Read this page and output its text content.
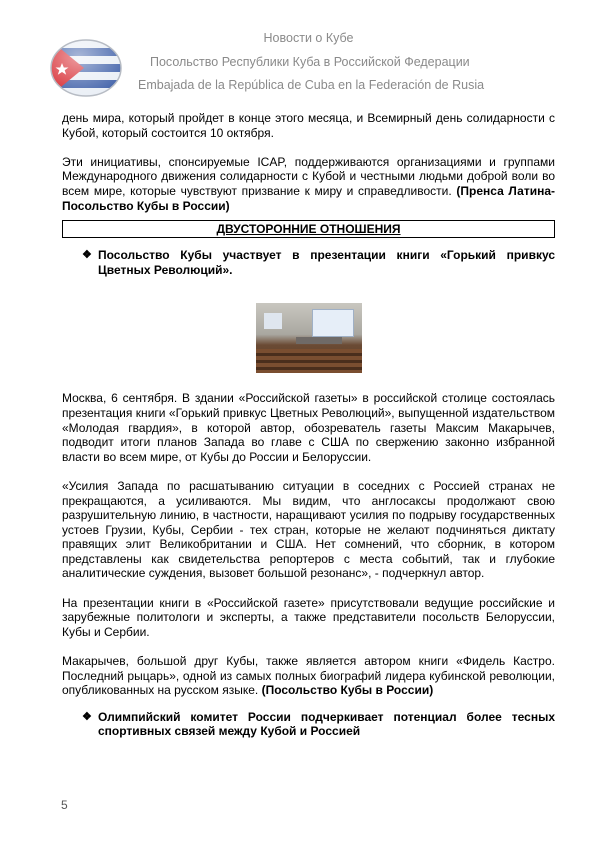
Новости о Кубе
Посольство Республики Куба в Российской Федерации
Embajada de la República de Cuba en la Federación de Rusia

день мира, который пройдет в конце этого месяца, и Всемирный день солидарности с Кубой, который состоится 10 октября.

Эти инициативы, спонсируемые ICAP, поддерживаются организациями и группами Международного движения солидарности с Кубой и честными людьми доброй воли во всем мире, которые чувствуют призвание к миру и справедливости. (Пренса Латина-Посольство Кубы в России)

ДВУСТОРОННИЕ ОТНОШЕНИЯ
❖ Посольство Кубы участвует в презентации книги «Горький привкус Цветных Революций».

Москва, 6 сентября. В здании «Российской газеты» в российской столице состоялась презентация книги «Горький привкус Цветных Революций», выпущенной издательством «Молодая гвардия», в которой автор, обозреватель газеты Максим Макарычев, подводит итоги планов Запада во главе с США по свержению законно избранной власти во всем мире, от Кубы до России и Белоруссии.

«Усилия Запада по расшатыванию ситуации в соседних с Россией странах не прекращаются, а усиливаются. Мы видим, что англосаксы продолжают свою разрушительную линию, в частности, наращивают усилия по подрыву государственных устоев Грузии, Кубы, Сербии - тех стран, которые не желают подчиняться диктату правящих элит Великобритании и США. Нет сомнений, что сборник, в котором представлены как свидетельства репортеров с места событий, так и глубокие аналитические суждения, вызовет большой резонанс», - подчеркнул автор.

На презентации книги в «Российской газете» присутствовали ведущие российские и зарубежные политологи и эксперты, а также представители посольств Белоруссии, Кубы и Сербии.

Макарычев, большой друг Кубы, также является автором книги «Фидель Кастро. Последний рыцарь», одной из самых полных биографий лидера кубинской революции, опубликованных на русском языке. (Посольство Кубы в России)

❖ Олимпийский комитет России подчеркивает потенциал более тесных спортивных связей между Кубой и Россией
5
